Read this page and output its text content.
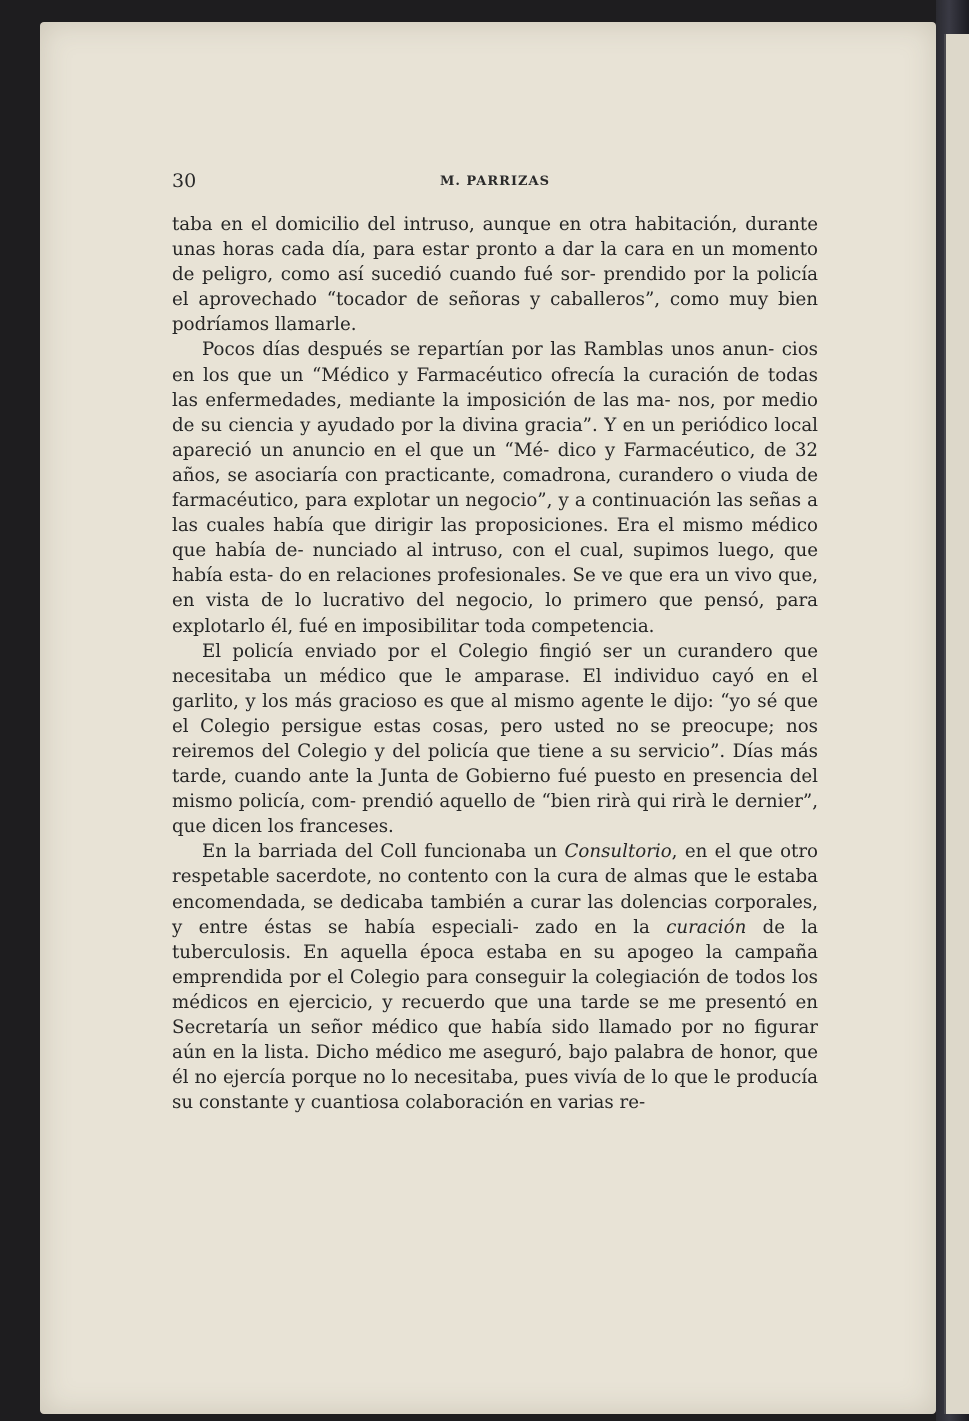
30	M. PARRIZAS

taba en el domicilio del intruso, aunque en otra habitación, durante unas horas cada día, para estar pronto a dar la cara en un momento de peligro, como así sucedió cuando fué sor- prendido por la policía el aprovechado “tocador de señoras y caballeros”, como muy bien podríamos llamarle.

Pocos días después se repartían por las Ramblas unos anun- cios en los que un “Médico y Farmacéutico ofrecía la curación de todas las enfermedades, mediante la imposición de las ma- nos, por medio de su ciencia y ayudado por la divina gracia”. Y en un periódico local apareció un anuncio en el que un “Mé- dico y Farmacéutico, de 32 años, se asociaría con practicante, comadrona, curandero o viuda de farmacéutico, para explotar un negocio”, y a continuación las señas a las cuales había que dirigir las proposiciones. Era el mismo médico que había de- nunciado al intruso, con el cual, supimos luego, que había esta- do en relaciones profesionales. Se ve que era un vivo que, en vista de lo lucrativo del negocio, lo primero que pensó, para explotarlo él, fué en imposibilitar toda competencia.

El policía enviado por el Colegio fingió ser un curandero que necesitaba un médico que le amparase. El individuo cayó en el garlito, y los más gracioso es que al mismo agente le dijo: “yo sé que el Colegio persigue estas cosas, pero usted no se preocupe; nos reiremos del Colegio y del policía que tiene a su servicio”. Días más tarde, cuando ante la Junta de Gobierno fué puesto en presencia del mismo policía, com- prendió aquello de “bien rirà qui rirà le dernier”, que dicen los franceses.

En la barriada del Coll funcionaba un Consultorio, en el que otro respetable sacerdote, no contento con la cura de almas que le estaba encomendada, se dedicaba también a curar las dolencias corporales, y entre éstas se había especiali- zado en la curación de la tuberculosis. En aquella época estaba en su apogeo la campaña emprendida por el Colegio para conseguir la colegiación de todos los médicos en ejercicio, y recuerdo que una tarde se me presentó en Secretaría un señor médico que había sido llamado por no figurar aún en la lista. Dicho médico me aseguró, bajo palabra de honor, que él no ejercía porque no lo necesitaba, pues vivía de lo que le producía su constante y cuantiosa colaboración en varias re-
